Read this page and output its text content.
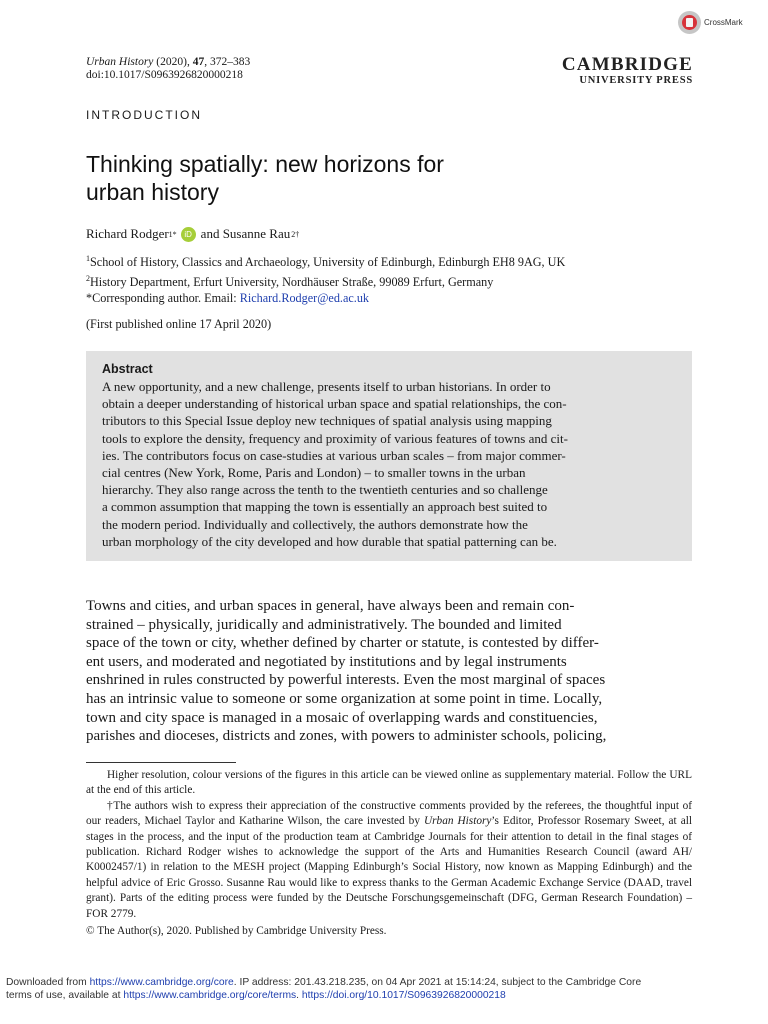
CrossMark
Urban History (2020), 47, 372–383
doi:10.1017/S0963926820000218	CAMBRIDGE
UNIVERSITY PRESS
INTRODUCTION
Thinking spatially: new horizons for
urban history
Richard Rodger 1* iD and Susanne Rau 2†
$^1$School of History, Classics and Archaeology, University of Edinburgh, Edinburgh EH8 9AG, UK
$^2$History Department, Erfurt University, Nordhäuser Straße, 99089 Erfurt, Germany
*Corresponding author. Email: Richard.Rodger@ed.ac.uk
(First published online 17 April 2020)
Abstract
A new opportunity, and a new challenge, presents itself to urban historians. In order to
obtain a deeper understanding of historical urban space and spatial relationships, the con-
tributors to this Special Issue deploy new techniques of spatial analysis using mapping
tools to explore the density, frequency and proximity of various features of towns and cit-
ies. The contributors focus on case-studies at various urban scales – from major commer-
cial centres (New York, Rome, Paris and London) – to smaller towns in the urban
hierarchy. They also range across the tenth to the twentieth centuries and so challenge
a common assumption that mapping the town is essentially an approach best suited to
the modern period. Individually and collectively, the authors demonstrate how the
urban morphology of the city developed and how durable that spatial patterning can be.
Towns and cities, and urban spaces in general, have always been and remain con-
strained – physically, juridically and administratively. The bounded and limited
space of the town or city, whether defined by charter or statute, is contested by differ-
ent users, and moderated and negotiated by institutions and by legal instruments
enshrined in rules constructed by powerful interests. Even the most marginal of spaces
has an intrinsic value to someone or some organization at some point in time. Locally,
town and city space is managed in a mosaic of overlapping wards and constituencies,
parishes and dioceses, districts and zones, with powers to administer schools, policing,

Higher resolution, colour versions of the figures in this article can be viewed online as supplementary material. Follow the URL at the end of this article.

†The authors wish to express their appreciation of the constructive comments provided by the referees, the thoughtful input of our readers, Michael Taylor and Katharine Wilson, the care invested by Urban History’s Editor, Professor Rosemary Sweet, at all stages in the process, and the input of the production team at Cambridge Journals for their attention to detail in the final stages of publication. Richard Rodger wishes to acknowledge the support of the Arts and Humanities Research Council (award AH/ K0002457/1) in relation to the MESH project (Mapping Edinburgh’s Social History, now known as Mapping Edinburgh) and the helpful advice of Eric Grosso. Susanne Rau would like to express thanks to the German Academic Exchange Service (DAAD, travel grant). Parts of the editing process were funded by the Deutsche Forschungsgemeinschaft (DFG, German Research Foundation) – FOR 2779.

© The Author(s), 2020. Published by Cambridge University Press.

Downloaded from https://www.cambridge.org/core. IP address: 201.43.218.235, on 04 Apr 2021 at 15:14:24, subject to the Cambridge Core
terms of use, available at https://www.cambridge.org/core/terms. https://doi.org/10.1017/S0963926820000218
